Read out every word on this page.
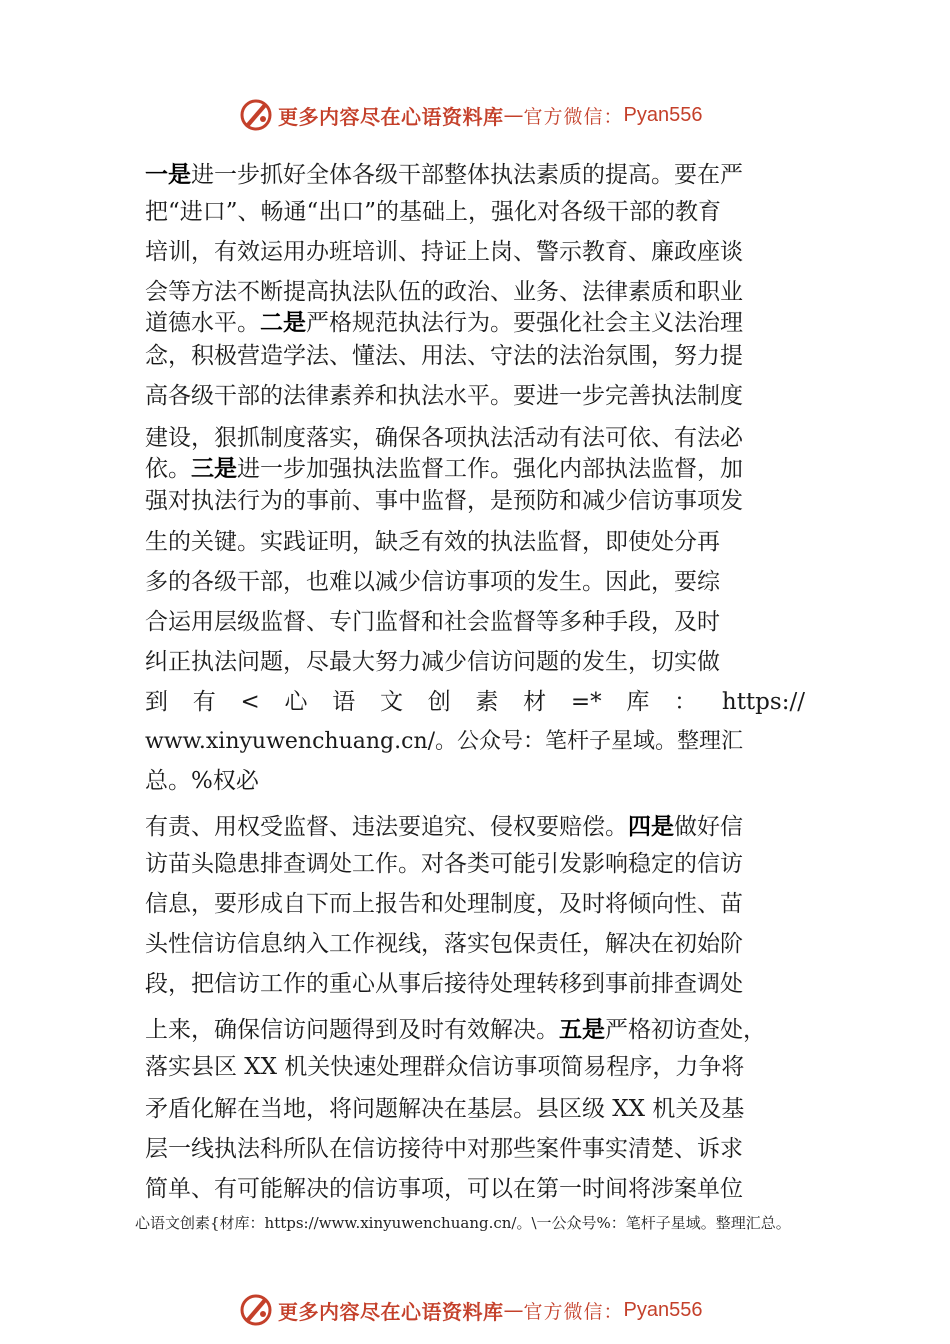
更多内容尽在心语资料库 — 官方微信： Pyan556
一是进一步抓好全体各级干部整体执法素质的提高。要在严
把“进口”、畅通“出口”的基础上，强化对各级干部的教育
培训，有效运用办班培训、持证上岗、警示教育、廉政座谈
会等方法不断提高执法队伍的政治、业务、法律素质和职业
道德水平。二是严格规范执法行为。要强化社会主义法治理
念，积极营造学法、懂法、用法、守法的法治氛围，努力提
高各级干部的法律素养和执法水平。要进一步完善执法制度
建设，狠抓制度落实，确保各项执法活动有法可依、有法必
依。三是进一步加强执法监督工作。强化内部执法监督，加
强对执法行为的事前、事中监督，是预防和减少信访事项发
生的关键。实践证明，缺乏有效的执法监督，即使处分再
多的各级干部，也难以减少信访事项的发生。因此，要综
合运用层级监督、专门监督和社会监督等多种手段，及时
纠正执法问题，尽最大努力减少信访问题的发生，切实做
到 有 < 心 语 文 创 素 材 =* 库 ： https://
www.xinyuwenchuang.cn/。公众号：笔杆子星域。整理汇
总。%权必
有责、用权受监督、违法要追究、侵权要赔偿。四是做好信
访苗头隐患排查调处工作。对各类可能引发影响稳定的信访
信息，要形成自下而上报告和处理制度，及时将倾向性、苗
头性信访信息纳入工作视线，落实包保责任，解决在初始阶
段，把信访工作的重心从事后接待处理转移到事前排查调处
上来，确保信访问题得到及时有效解决。五是严格初访查处，
落实县区 XX 机关快速处理群众信访事项简易程序，力争将
矛盾化解在当地，将问题解决在基层。县区级 XX 机关及基
层一线执法科所队在信访接待中对那些案件事实清楚、诉求
简单、有可能解决的信访事项，可以在第一时间将涉案单位
心语文创素{材库：https://www.xinyuwenchuang.cn/。\一公众号%：笔杆子星域。整理汇总。
更多内容尽在心语资料库 — 官方微信： Pyan556
